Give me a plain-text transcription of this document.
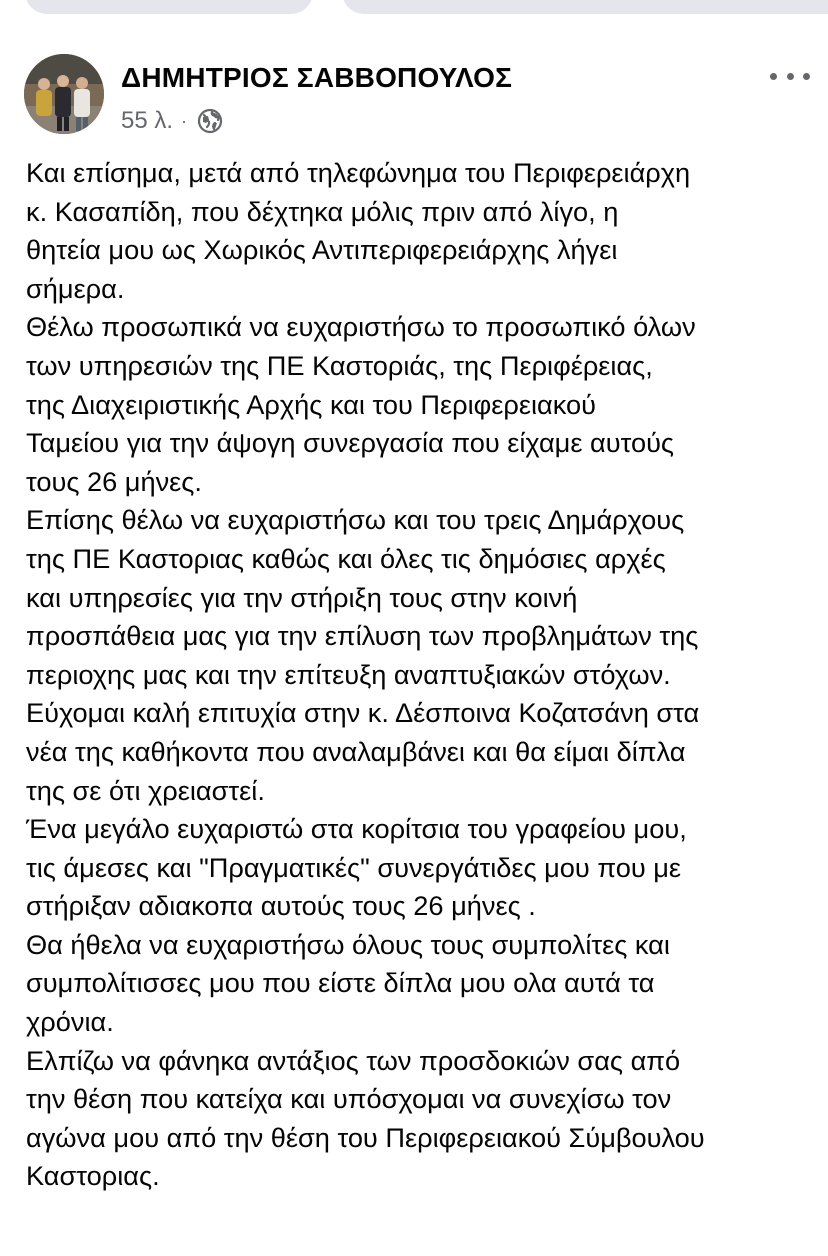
ΔΗΜΗΤΡΙΟΣ ΣΑΒΒΟΠΟΥΛΟΣ
55 λ. ·

Και επίσημα, μετά από τηλεφώνημα του Περιφερειάρχη

κ. Κασαπίδη, που δέχτηκα μόλις πριν από λίγο, η

θητεία μου ως Χωρικός Αντιπεριφερειάρχης λήγει

σήμερα.

Θέλω προσωπικά να ευχαριστήσω το προσωπικό όλων

των υπηρεσιών της ΠΕ Καστοριάς, της Περιφέρειας,

της Διαχειριστικής Αρχής και του Περιφερειακού

Ταμείου για την άψογη συνεργασία που είχαμε αυτούς

τους 26 μήνες.

Επίσης θέλω να ευχαριστήσω και του τρεις Δημάρχους

της ΠΕ Καστοριας καθώς και όλες τις δημόσιες αρχές

και υπηρεσίες για την στήριξη τους στην κοινή

προσπάθεια μας για την επίλυση των προβλημάτων της

περιοχης μας και την επίτευξη αναπτυξιακών στόχων.

Εύχομαι καλή επιτυχία στην κ. Δέσποινα Κοζατσάνη στα

νέα της καθήκοντα που αναλαμβάνει και θα είμαι δίπλα

της σε ότι χρειαστεί.

Ένα μεγάλο ευχαριστώ στα κορίτσια του γραφείου μου,

τις άμεσες και "Πραγματικές" συνεργάτιδες μου που με

στήριξαν αδιακοπα αυτούς τους 26 μήνες .

Θα ήθελα να ευχαριστήσω όλους τους συμπολίτες και

συμπολίτισσες μου που είστε δίπλα μου ολα αυτά τα

χρόνια.

Ελπίζω να φάνηκα αντάξιος των προσδοκιών σας από

την θέση που κατείχα και υπόσχομαι να συνεχίσω τον

αγώνα μου από την θέση του Περιφερειακού Σύμβουλου

Καστοριας.
